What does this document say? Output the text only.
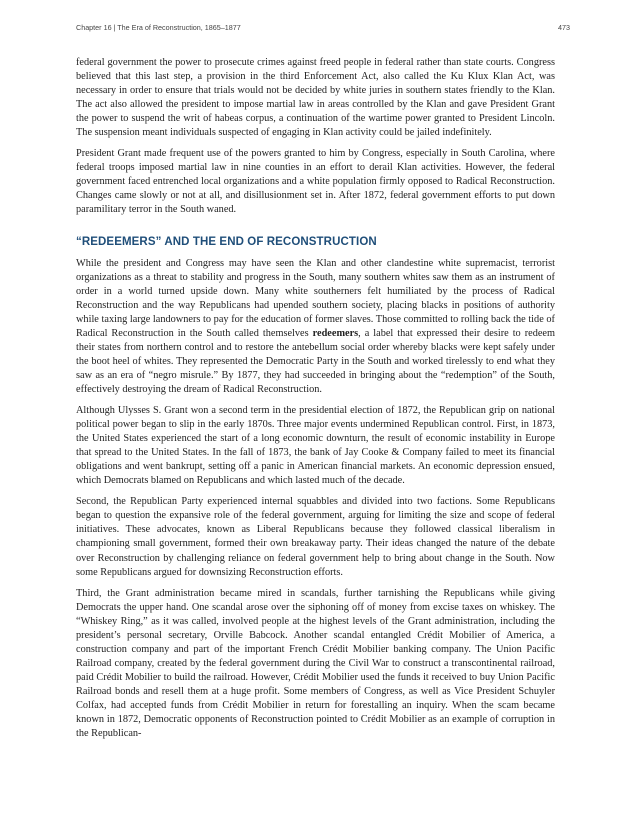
Chapter 16 | The Era of Reconstruction, 1865–1877	473

federal government the power to prosecute crimes against freed people in federal rather than state courts. Congress believed that this last step, a provision in the third Enforcement Act, also called the Ku Klux Klan Act, was necessary in order to ensure that trials would not be decided by white juries in southern states friendly to the Klan. The act also allowed the president to impose martial law in areas controlled by the Klan and gave President Grant the power to suspend the writ of habeas corpus, a continuation of the wartime power granted to President Lincoln. The suspension meant individuals suspected of engaging in Klan activity could be jailed indefinitely.

President Grant made frequent use of the powers granted to him by Congress, especially in South Carolina, where federal troops imposed martial law in nine counties in an effort to derail Klan activities. However, the federal government faced entrenched local organizations and a white population firmly opposed to Radical Reconstruction. Changes came slowly or not at all, and disillusionment set in. After 1872, federal government efforts to put down paramilitary terror in the South waned.

“REDEEMERS” AND THE END OF RECONSTRUCTION

While the president and Congress may have seen the Klan and other clandestine white supremacist, terrorist organizations as a threat to stability and progress in the South, many southern whites saw them as an instrument of order in a world turned upside down. Many white southerners felt humiliated by the process of Radical Reconstruction and the way Republicans had upended southern society, placing blacks in positions of authority while taxing large landowners to pay for the education of former slaves. Those committed to rolling back the tide of Radical Reconstruction in the South called themselves redeemers, a label that expressed their desire to redeem their states from northern control and to restore the antebellum social order whereby blacks were kept safely under the boot heel of whites. They represented the Democratic Party in the South and worked tirelessly to end what they saw as an era of “negro misrule.” By 1877, they had succeeded in bringing about the “redemption” of the South, effectively destroying the dream of Radical Reconstruction.

Although Ulysses S. Grant won a second term in the presidential election of 1872, the Republican grip on national political power began to slip in the early 1870s. Three major events undermined Republican control. First, in 1873, the United States experienced the start of a long economic downturn, the result of economic instability in Europe that spread to the United States. In the fall of 1873, the bank of Jay Cooke & Company failed to meet its financial obligations and went bankrupt, setting off a panic in American financial markets. An economic depression ensued, which Democrats blamed on Republicans and which lasted much of the decade.

Second, the Republican Party experienced internal squabbles and divided into two factions. Some Republicans began to question the expansive role of the federal government, arguing for limiting the size and scope of federal initiatives. These advocates, known as Liberal Republicans because they followed classical liberalism in championing small government, formed their own breakaway party. Their ideas changed the nature of the debate over Reconstruction by challenging reliance on federal government help to bring about change in the South. Now some Republicans argued for downsizing Reconstruction efforts.

Third, the Grant administration became mired in scandals, further tarnishing the Republicans while giving Democrats the upper hand. One scandal arose over the siphoning off of money from excise taxes on whiskey. The “Whiskey Ring,” as it was called, involved people at the highest levels of the Grant administration, including the president’s personal secretary, Orville Babcock. Another scandal entangled Crédit Mobilier of America, a construction company and part of the important French Crédit Mobilier banking company. The Union Pacific Railroad company, created by the federal government during the Civil War to construct a transcontinental railroad, paid Crédit Mobilier to build the railroad. However, Crédit Mobilier used the funds it received to buy Union Pacific Railroad bonds and resell them at a huge profit. Some members of Congress, as well as Vice President Schuyler Colfax, had accepted funds from Crédit Mobilier in return for forestalling an inquiry. When the scam became known in 1872, Democratic opponents of Reconstruction pointed to Crédit Mobilier as an example of corruption in the Republican-
